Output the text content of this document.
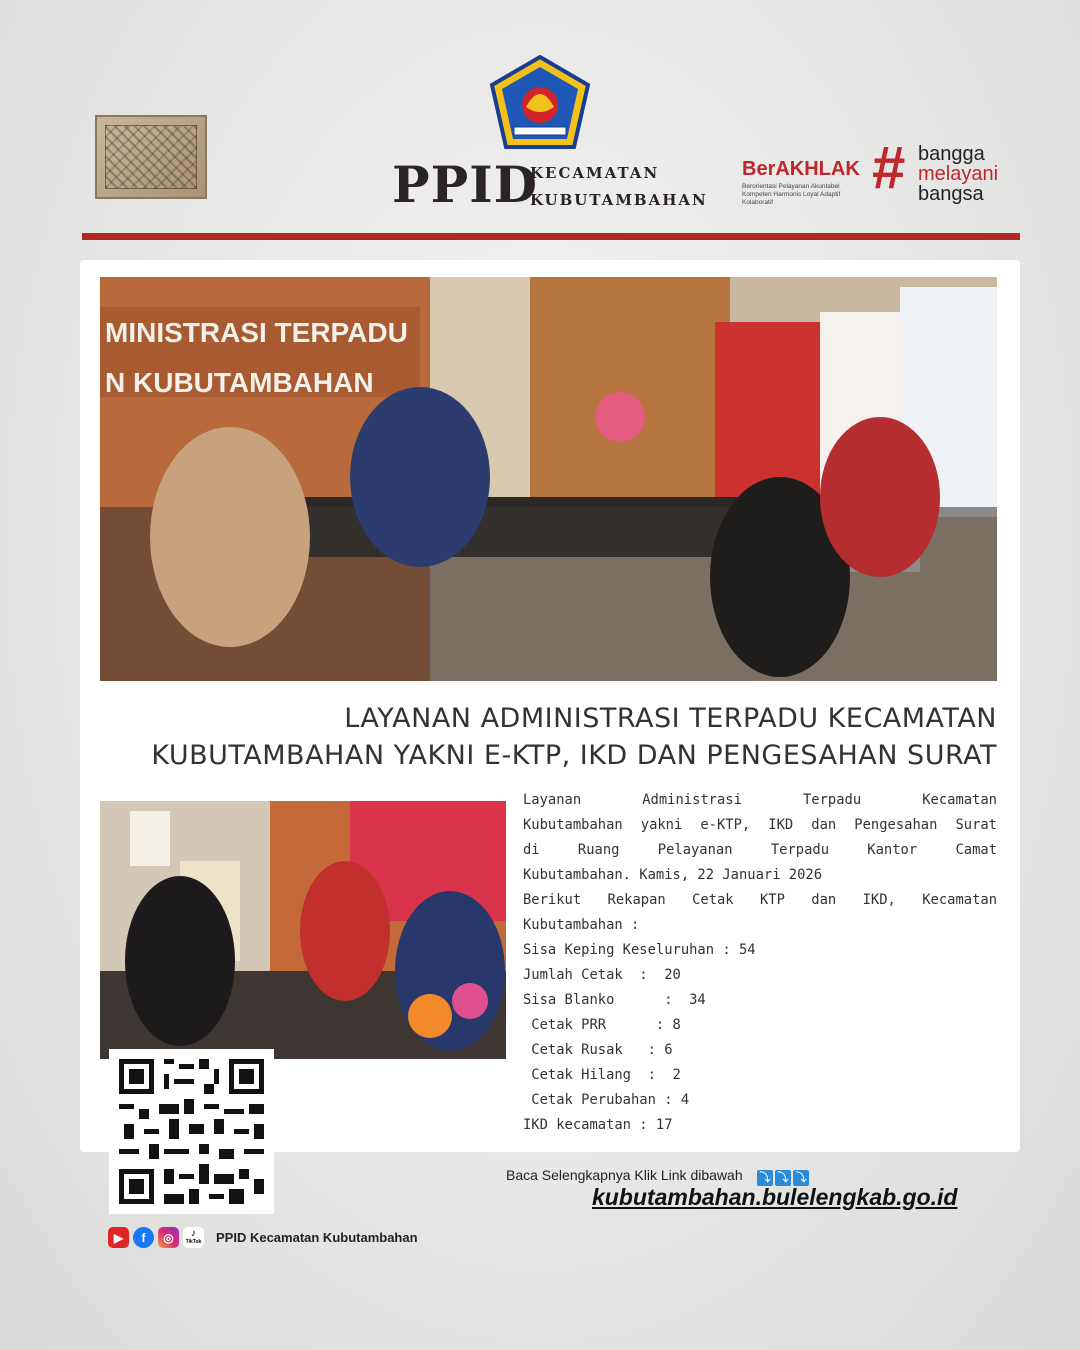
PPID
KECAMATAN
KUBUTAMBAHAN
BerAKHLAK
Berorientasi Pelayanan Akuntabel Kompeten Harmonis Loyal Adaptif Kolaboratif
# bangga
melayani
bangsa
MINISTRASI TERPADU
N KUBUTAMBAHAN
LAYANAN ADMINISTRASI TERPADU KECAMATAN KUBUTAMBAHAN YAKNI E-KTP, IKD DAN PENGESAHAN SURAT
Layanan Administrasi Terpadu Kecamatan
Kubutambahan yakni e-KTP, IKD dan Pengesahan Surat
di Ruang Pelayanan Terpadu Kantor Camat
Kubutambahan. Kamis, 22 Januari 2026
Berikut Rekapan Cetak KTP dan IKD, Kecamatan
Kubutambahan :
Sisa Keping Keseluruhan : 54
Jumlah Cetak  :  20
Sisa Blanko      :  34
Cetak PRR      : 8
Cetak Rusak   : 6
Cetak Hilang  :  2
Cetak Perubahan : 4
IKD kecamatan : 17
Baca Selengkapnya Klik Link dibawah ⤵ ⤵ ⤵
kubutambahan.bulelengkab.go.id
▶	f	◎	♪
TikTok PPID Kecamatan Kubutambahan
